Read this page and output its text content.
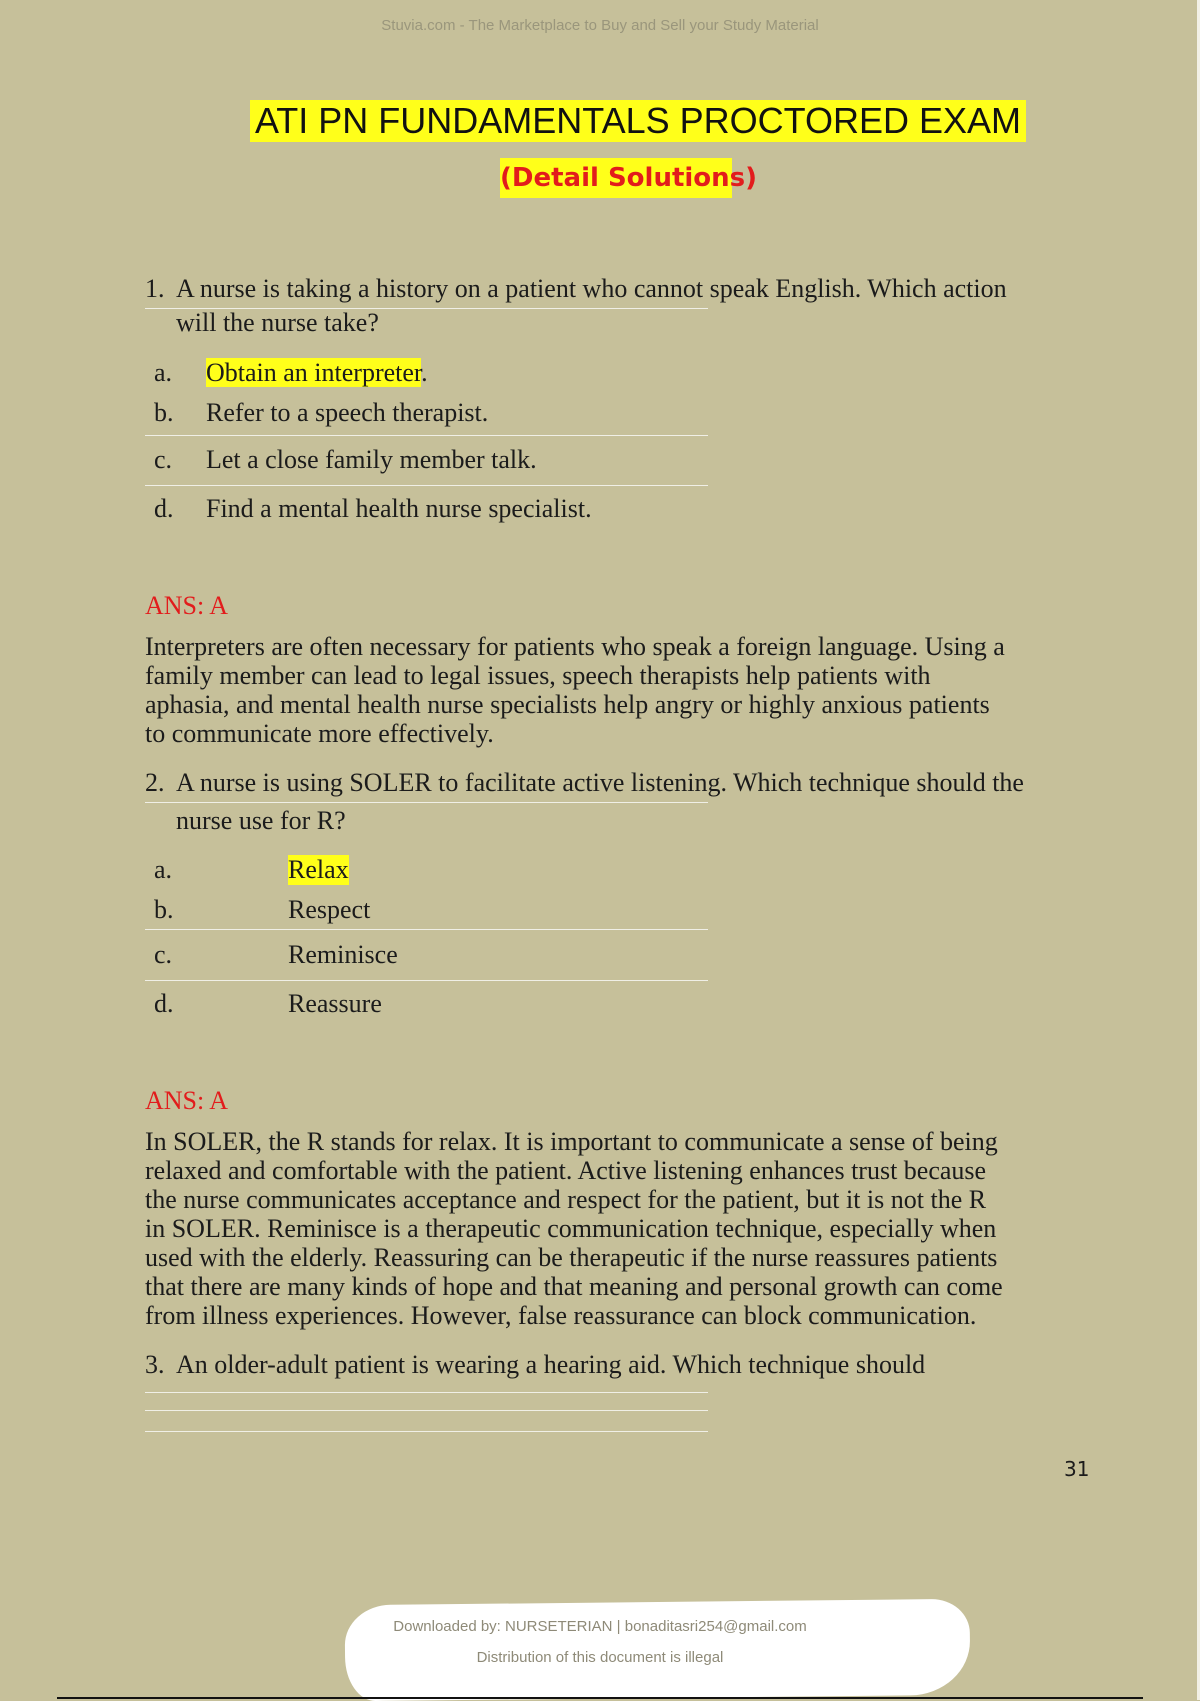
Stuvia.com - The Marketplace to Buy and Sell your Study Material
ATI PN FUNDAMENTALS PROCTORED EXAM
(Detail Solutions)
1. A nurse is taking a history on a patient who cannot speak English. Which action
will the nurse take?
a. Obtain an interpreter.
b. Refer to a speech therapist.
c. Let a close family member talk.
d. Find a mental health nurse specialist.
ANS: A
Interpreters are often necessary for patients who speak a foreign language. Using a
family member can lead to legal issues, speech therapists help patients with
aphasia, and mental health nurse specialists help angry or highly anxious patients
to communicate more effectively.
2. A nurse is using SOLER to facilitate active listening. Which technique should the
nurse use for R?
a.	Relax
b.	Respect
c.	Reminisce
d.	Reassure
ANS: A
In SOLER, the R stands for relax. It is important to communicate a sense of being
relaxed and comfortable with the patient. Active listening enhances trust because
the nurse communicates acceptance and respect for the patient, but it is not the R
in SOLER. Reminisce is a therapeutic communication technique, especially when
used with the elderly. Reassuring can be therapeutic if the nurse reassures patients
that there are many kinds of hope and that meaning and personal growth can come
from illness experiences. However, false reassurance can block communication.
3. An older-adult patient is wearing a hearing aid. Which technique should
31
Downloaded by: NURSETERIAN | bonaditasri254@gmail.com
Distribution of this document is illegal
